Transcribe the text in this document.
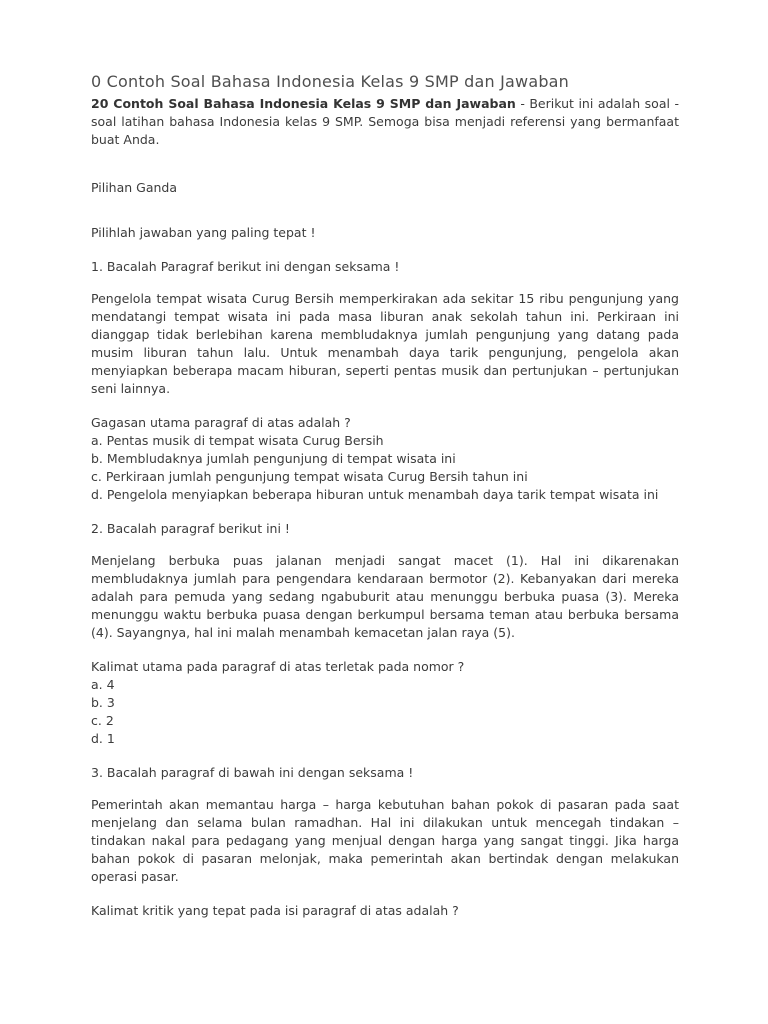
0 Contoh Soal Bahasa Indonesia Kelas 9 SMP dan Jawaban

20 Contoh Soal Bahasa Indonesia Kelas 9 SMP dan Jawaban - Berikut ini adalah soal - soal latihan bahasa Indonesia kelas 9 SMP. Semoga bisa menjadi referensi yang bermanfaat buat Anda.

Pilihan Ganda

Pilihlah jawaban yang paling tepat !

1. Bacalah Paragraf berikut ini dengan seksama !

Pengelola tempat wisata Curug Bersih memperkirakan ada sekitar 15 ribu pengunjung yang mendatangi tempat wisata ini pada masa liburan anak sekolah tahun ini. Perkiraan ini dianggap tidak berlebihan karena membludaknya jumlah pengunjung yang datang pada musim liburan tahun lalu. Untuk menambah daya tarik pengunjung, pengelola akan menyiapkan beberapa macam hiburan, seperti pentas musik dan pertunjukan – pertunjukan seni lainnya.

Gagasan utama paragraf di atas adalah ?

a. Pentas musik di tempat wisata Curug Bersih

b. Membludaknya jumlah pengunjung di tempat wisata ini

c. Perkiraan jumlah pengunjung tempat wisata Curug Bersih tahun ini

d. Pengelola menyiapkan beberapa hiburan untuk menambah daya tarik tempat wisata ini

2. Bacalah paragraf berikut ini !

Menjelang berbuka puas jalanan menjadi sangat macet (1). Hal ini dikarenakan membludaknya jumlah para pengendara kendaraan bermotor (2). Kebanyakan dari mereka adalah para pemuda yang sedang ngabuburit atau menunggu berbuka puasa (3). Mereka menunggu waktu berbuka puasa dengan berkumpul bersama teman atau berbuka bersama (4). Sayangnya, hal ini malah menambah kemacetan jalan raya (5).

Kalimat utama pada paragraf di atas terletak pada nomor ?

a. 4

b. 3

c. 2

d. 1

3. Bacalah paragraf di bawah ini dengan seksama !

Pemerintah akan memantau harga – harga kebutuhan bahan pokok di pasaran pada saat menjelang dan selama bulan ramadhan. Hal ini dilakukan untuk mencegah tindakan – tindakan nakal para pedagang yang menjual dengan harga yang sangat tinggi. Jika harga bahan pokok di pasaran melonjak, maka pemerintah akan bertindak dengan melakukan operasi pasar.

Kalimat kritik yang tepat pada isi paragraf di atas adalah ?
